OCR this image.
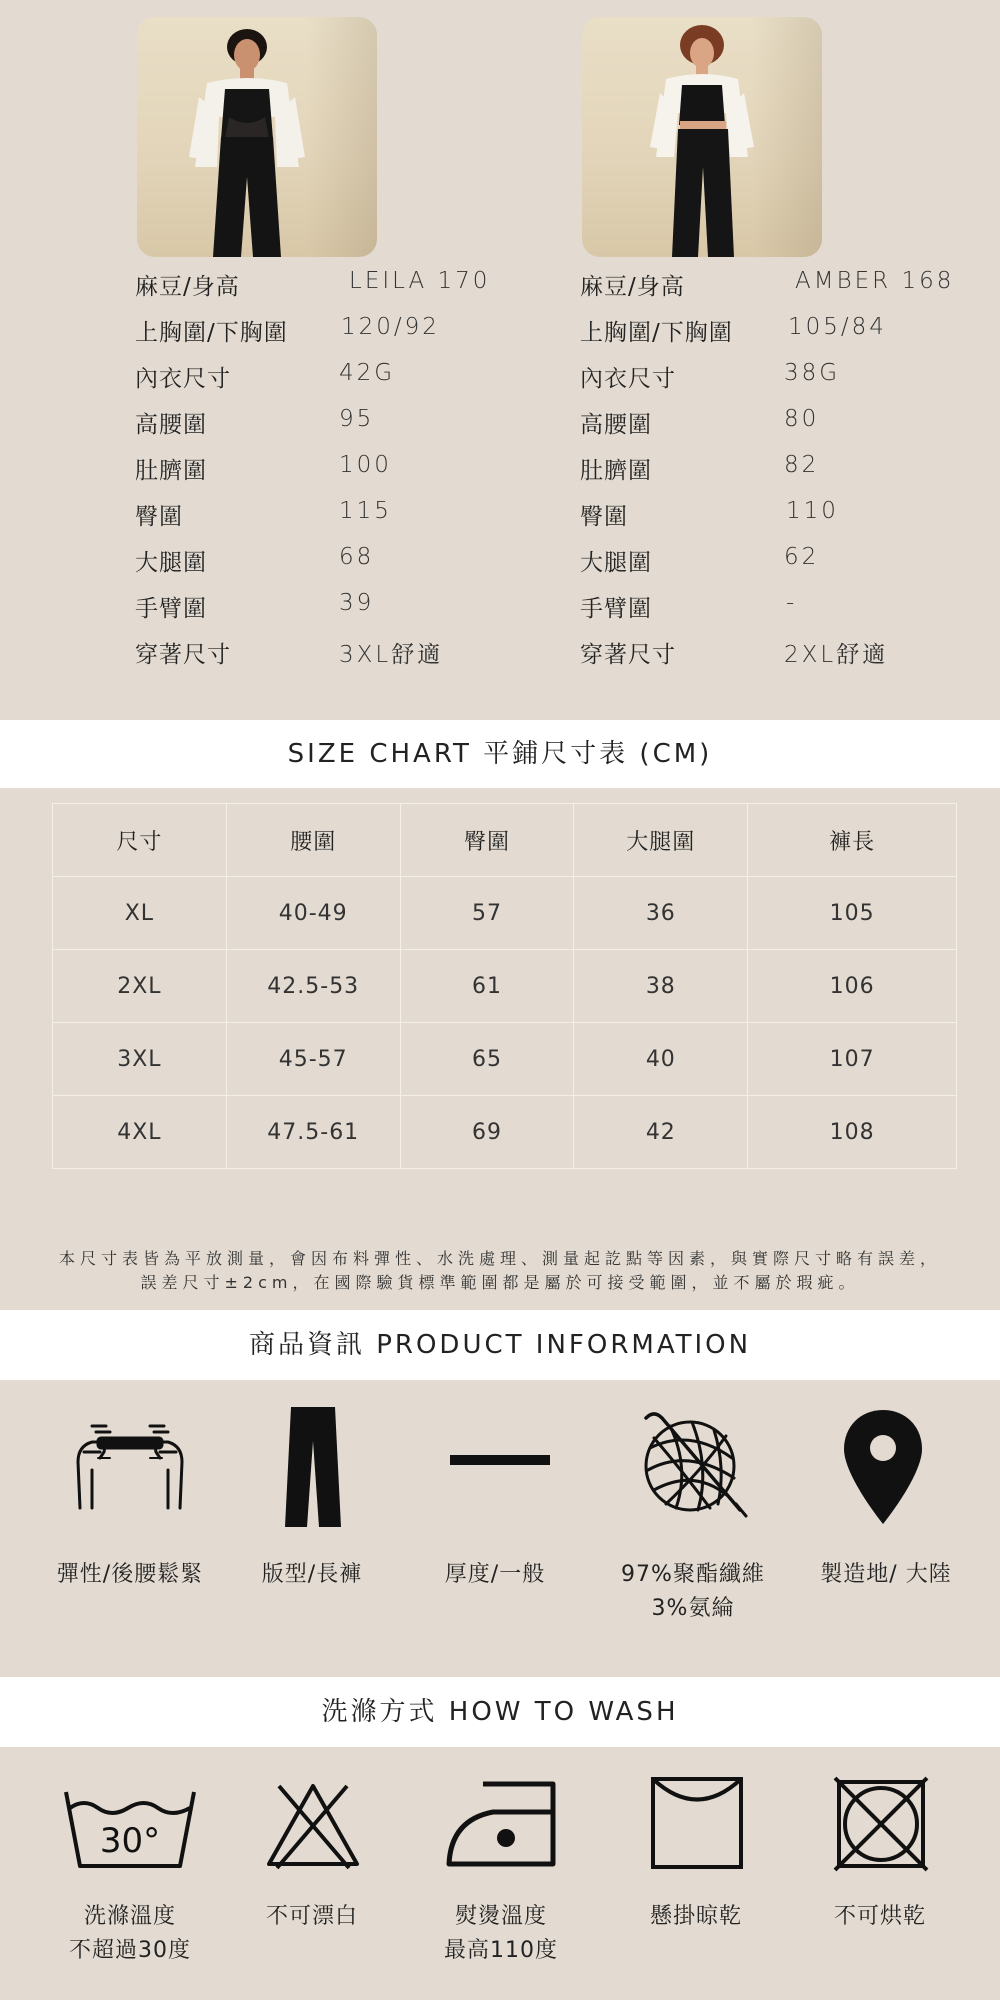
麻豆/身高	LEILA 170
上胸圍/下胸圍 120/92
內衣尺寸	42G
高腰圍	95
肚臍圍	100
臀圍	115
大腿圍	68
手臂圍	39
穿著尺寸	3XL舒適
麻豆/身高	AMBER 168
上胸圍/下胸圍 105/84
內衣尺寸	38G
高腰圍	80
肚臍圍	82
臀圍	110
大腿圍	62
手臂圍	-
穿著尺寸	2XL舒適
SIZE CHART 平鋪尺寸表 (CM)
尺寸	腰圍	臀圍	大腿圍	褲長
XL	40-49	57	36	105
2XL	42.5-53	61	38	106
3XL	45-57	65	40	107
4XL	47.5-61	69	42	108
本尺寸表皆為平放測量，會因布料彈性、水洗處理、測量起訖點等因素，與實際尺寸略有誤差，
誤差尺寸±2cm，在國際驗貨標準範圍都是屬於可接受範圍，並不屬於瑕疵。
商品資訊 PRODUCT INFORMATION
彈性/後腰鬆緊	版型/長褲	厚度/一般	97%聚酯纖維
3%氨綸
製造地/ 大陸
洗滌方式 HOW TO WASH
30°
洗滌溫度
不超過30度
不可漂白	熨燙溫度
最高110度
懸掛晾乾	不可烘乾
